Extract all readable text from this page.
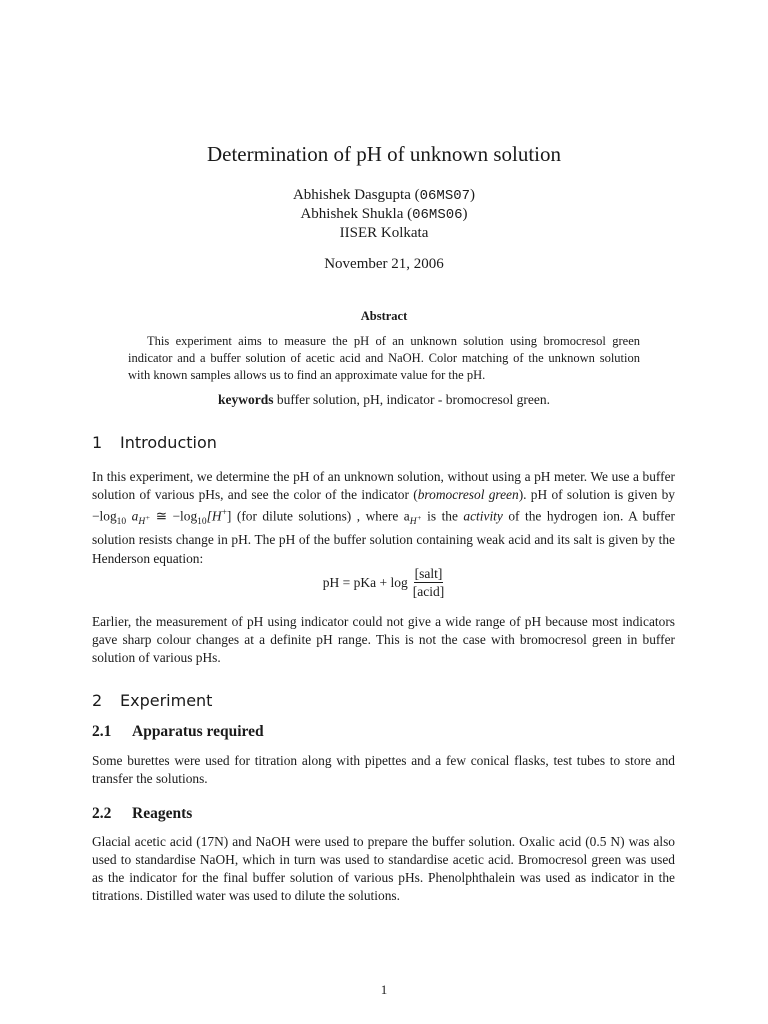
Determination of pH of unknown solution
Abhishek Dasgupta (06MS07)
Abhishek Shukla (06MS06)
IISER Kolkata
November 21, 2006
Abstract
This experiment aims to measure the pH of an unknown solution using bromocresol green indicator and a buffer solution of acetic acid and NaOH. Color matching of the unknown solution with known samples allows us to find an approximate value for the pH.
keywords buffer solution, pH, indicator - bromocresol green.
1 Introduction
In this experiment, we determine the pH of an unknown solution, without using a pH meter. We use a buffer solution of various pHs, and see the color of the indicator (bromocresol green). pH of solution is given by $-\log_{10}$ $a_{H^+}$ ≅ $-\log_{10}[H^+]$ (for dilute solutions) , where $a_{H^+}$ is the activity of the hydrogen ion. A buffer solution resists change in pH. The pH of the buffer solution containing weak acid and its salt is given by the Henderson equation:
pH = pKa + $\log \frac{\text{[salt]}}{\text{[acid]}}$
Earlier, the measurement of pH using indicator could not give a wide range of pH because most indicators gave sharp colour changes at a definite pH range. This is not the case with bromocresol green in buffer solution of various pHs.
2 Experiment
2.1 Apparatus required
Some burettes were used for titration along with pipettes and a few conical flasks, test tubes to store and transfer the solutions.
2.2 Reagents
Glacial acetic acid (17N) and NaOH were used to prepare the buffer solution. Oxalic acid (0.5 N) was also used to standardise NaOH, which in turn was used to standardise acetic acid. Bromocresol green was used as the indicator for the final buffer solution of various pHs. Phenolphthalein was used as indicator in the titrations. Distilled water was used to dilute the solutions.
1
